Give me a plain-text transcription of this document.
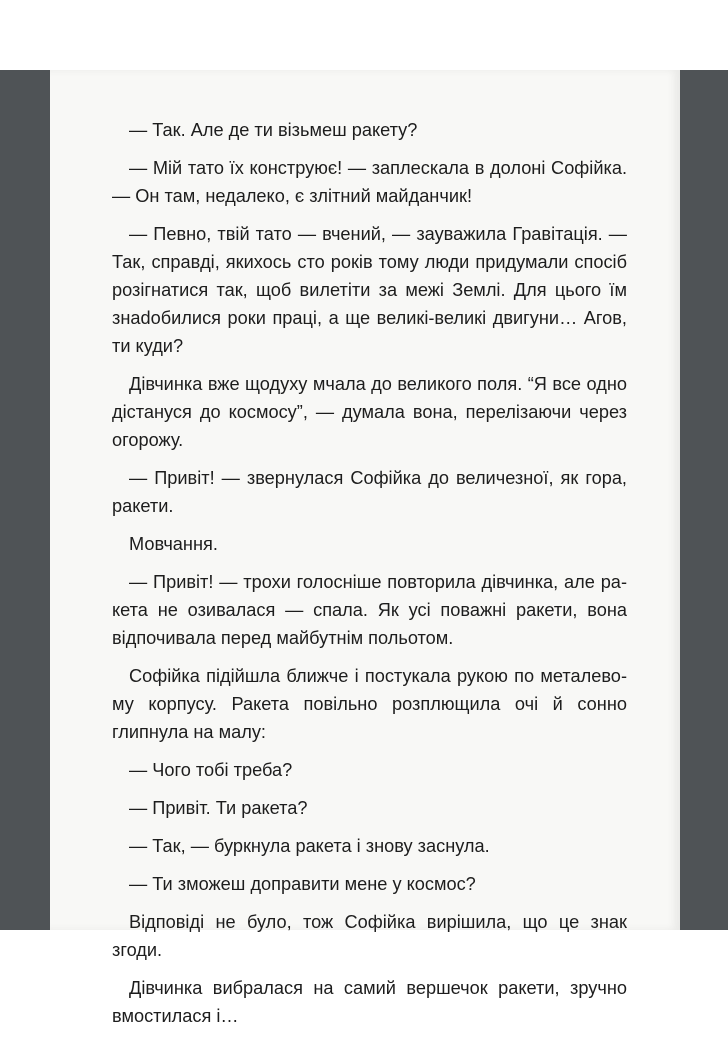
— Так. Але де ти візьмеш ракету?

— Мій тато їх конструює! — заплескала в долоні Софійка. — Он там, недалеко, є злітний майданчик!

— Певно, твій тато — вчений, — зауважила Гравітація. — Так, справді, якихось сто років тому люди придумали спосіб розігнатися так, щоб вилетіти за межі Землі. Для цього їм знаdобилися роки праці, а ще великі-великі двигуни… Агов, ти куди?

Дівчинка вже щодуху мчала до великого поля. “Я все одно дістануся до космосу”, — думала вона, перелізаючи через огорожу.

— Привіт! — звернулася Софійка до величезної, як гора, ракети.

Мовчання.

— Привіт! — трохи голосніше повторила дівчинка, але ракета не озивалася — спала. Як усі поважні ракети, вона відпочивала перед майбутнім польотом.

Софійка підійшла ближче і постукала рукою по металевому корпусу. Ракета повільно розплющила очі й сонно глипнула на малу:

— Чого тобі треба?

— Привіт. Ти ракета?

— Так, — буркнула ракета і знову заснула.

— Ти зможеш доправити мене у космос?

Відповіді не було, тож Софійка вирішила, що це знак згоди.

Дівчинка вибралася на самий вершечок ракети, зручно вмостилася і…
